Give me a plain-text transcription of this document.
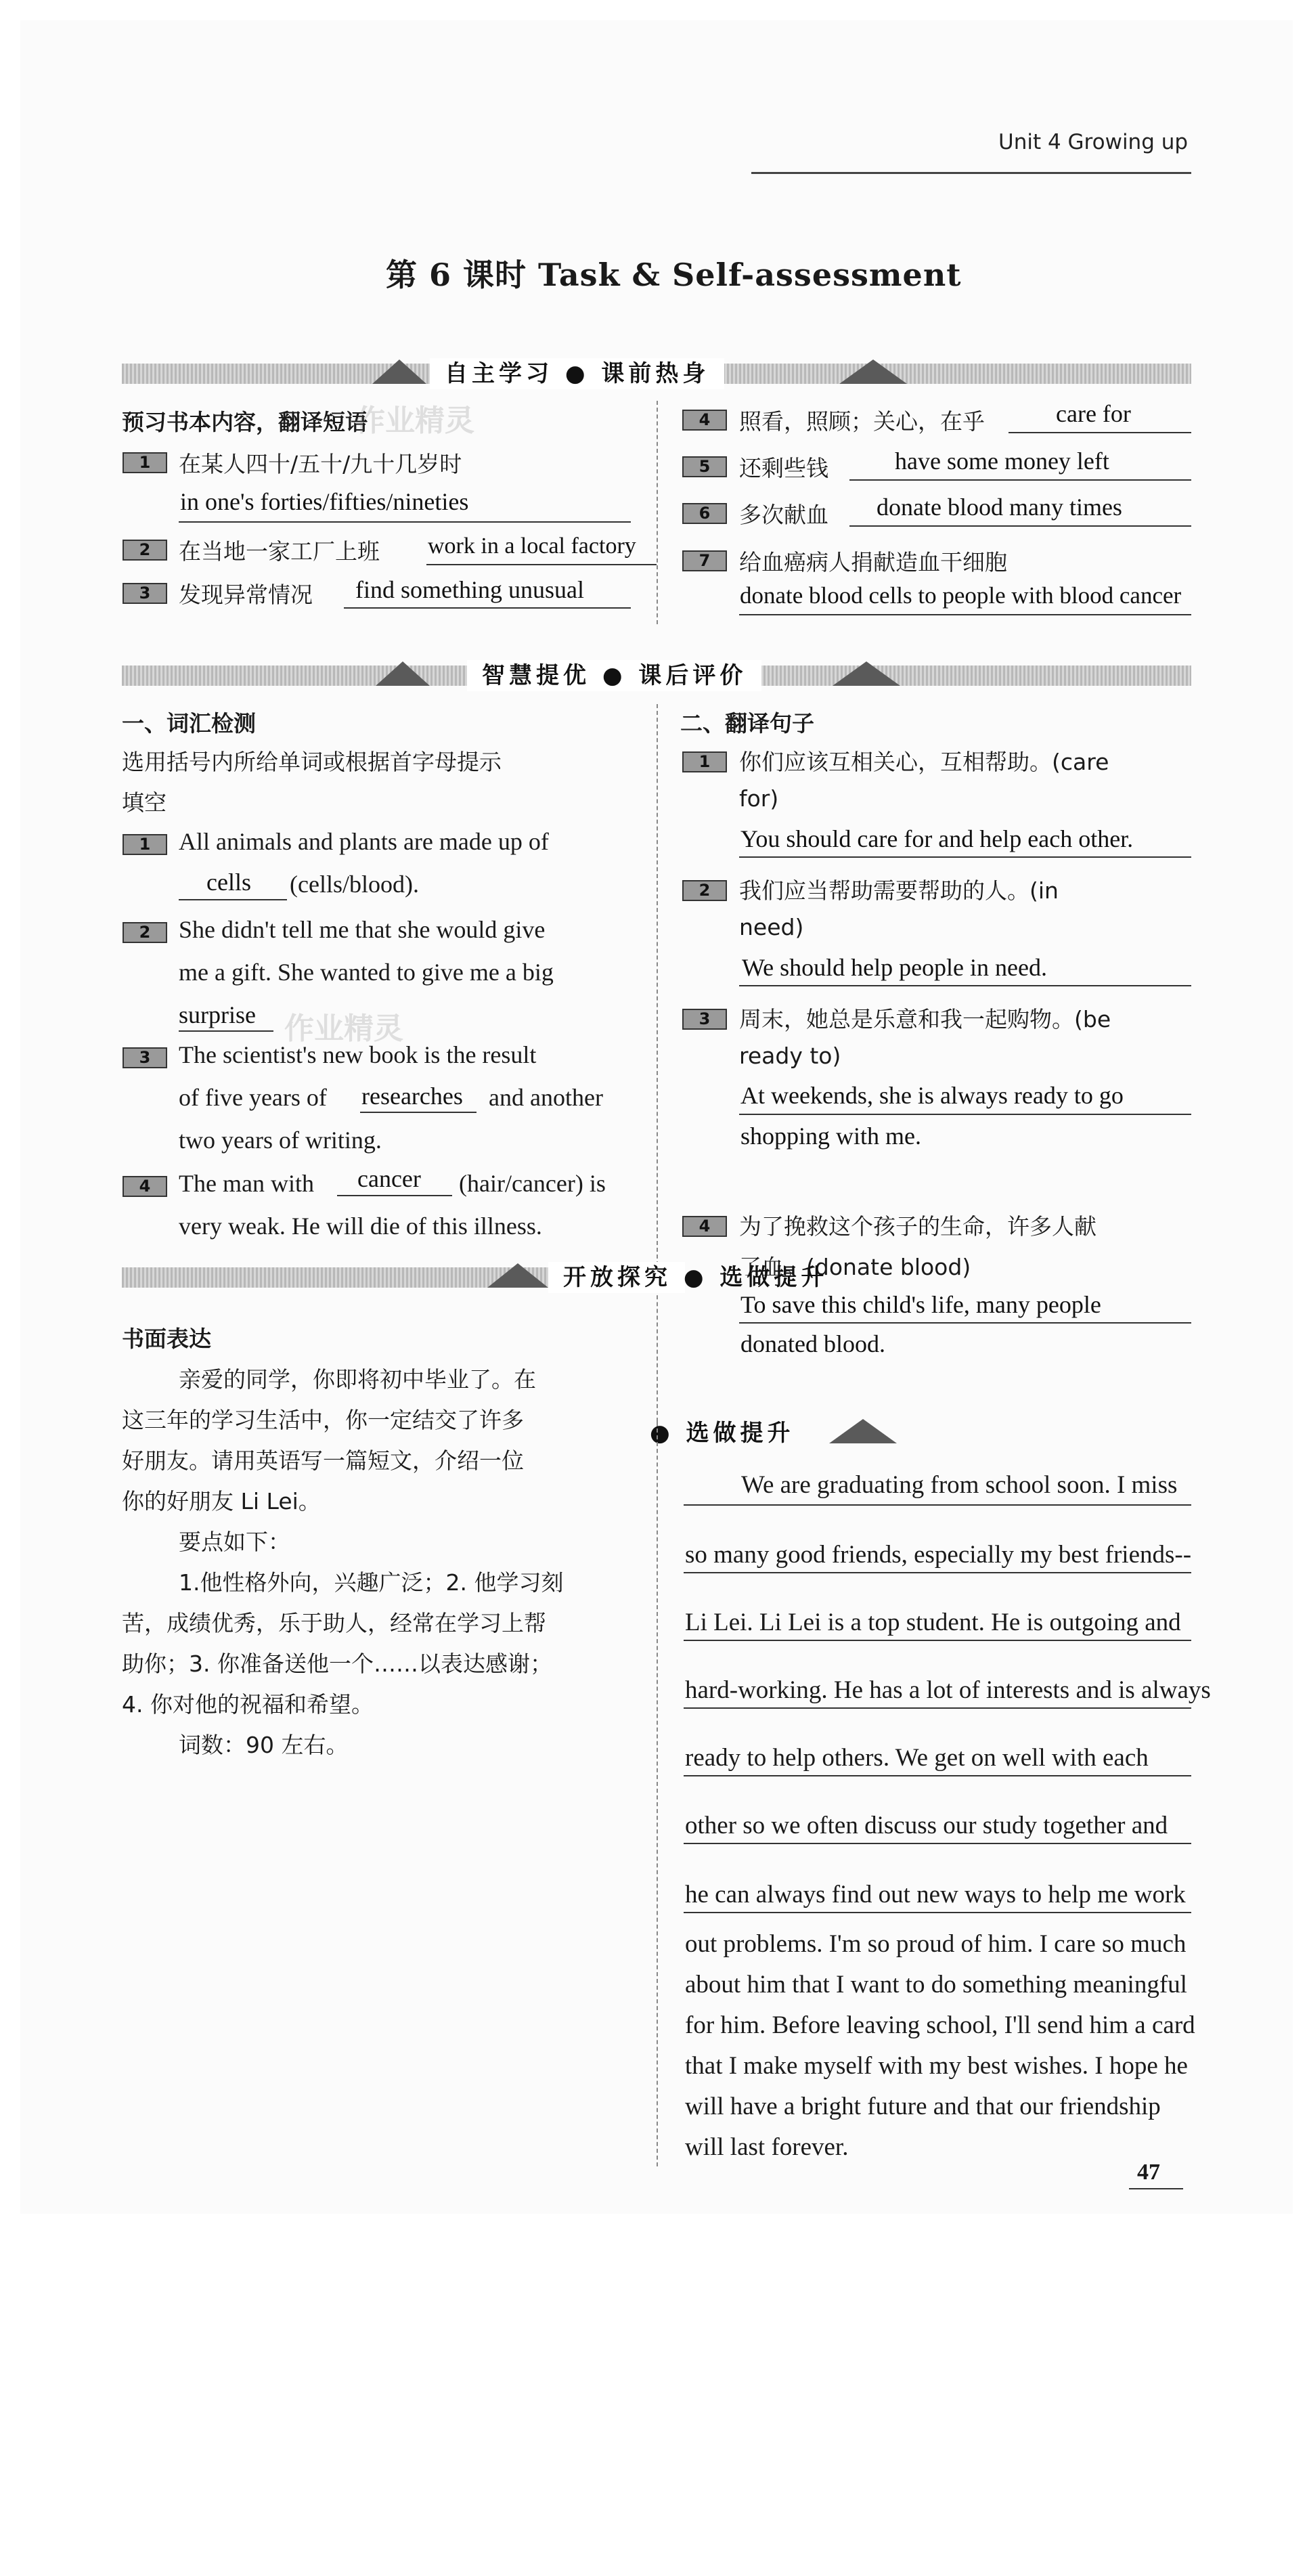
Unit 4 Growing up
第 6 课时 Task & Self-assessment
自主学习 ● 课前热身
预习书本内容，翻译短语
作业精灵
1	在某人四十/五十/九十几岁时
in one's forties/fifties/nineties
2	在当地一家工厂上班 work in a local factory
3	发现异常情况 find something unusual
4	照看，照顾；关心，在乎	care for
5	还剩些钱	have some money left
6	多次献血 donate blood many times
7	给血癌病人捐献造血干细胞
donate blood cells to people with blood cancer
智慧提优 ● 课后评价
一、词汇检测
选用括号内所给单词或根据首字母提示
填空
1	All animals and plants are made up of
cells (cells/blood).
2	She didn't tell me that she would give
me a gift. She wanted to give me a big
surprise 作业精灵
3	The scientist's new book is the result
of five years of researches and another
two years of writing.
4	The man with cancer (hair/cancer) is
very weak. He will die of this illness.
二、翻译句子
1	你们应该互相关心，互相帮助。(care
for)
You should care for and help each other.
2	我们应当帮助需要帮助的人。(in
need)
We should help people in need.
3	周末，她总是乐意和我一起购物。(be
ready to)
At weekends, she is always ready to go
shopping with me.
4	为了挽救这个孩子的生命，许多人献
了血。(donate blood)
To save this child's life, many people
donated blood.
开放探究 ● 选做提升
● 选做提升
书面表达
亲爱的同学，你即将初中毕业了。在
这三年的学习生活中，你一定结交了许多
好朋友。请用英语写一篇短文，介绍一位
你的好朋友 Li Lei。
要点如下：
1.他性格外向，兴趣广泛；2. 他学习刻
苦，成绩优秀，乐于助人，经常在学习上帮
助你；3. 你准备送他一个……以表达感谢；
4. 你对他的祝福和希望。
词数：90 左右。
We are graduating from school soon. I miss
so many good friends, especially my best friends--
Li Lei. Li Lei is a top student. He is outgoing and
hard-working. He has a lot of interests and is always
ready to help others. We get on well with each
other so we often discuss our study together and
he can always find out new ways to help me work
out problems. I'm so proud of him. I care so much
about him that I want to do something meaningful
for him. Before leaving school, I'll send him a card
that I make myself with my best wishes. I hope he
will have a bright future and that our friendship
will last forever.
47
